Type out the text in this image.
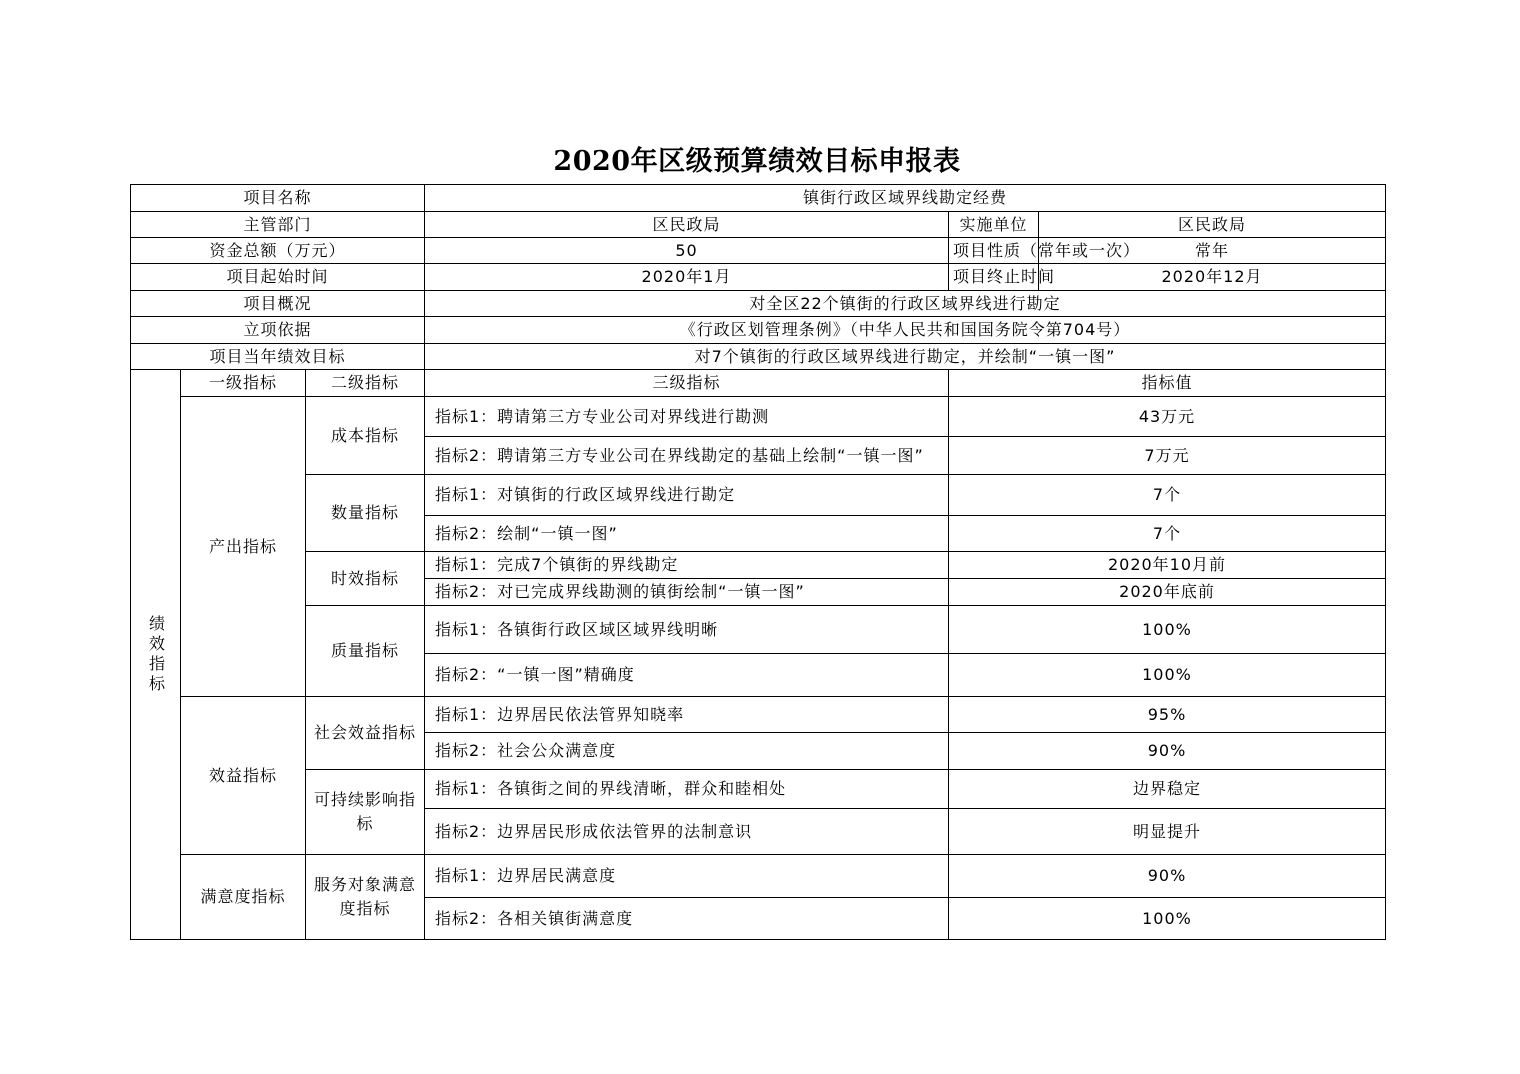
2020年区级预算绩效目标申报表
项目名称			镇街行政区域界线勘定经费		
主管部门			区民政局	实施单位	区民政局
资金总额（万元）			50	项目性质（常年或一次）	常年
项目起始时间			2020年1月	项目终止时间	2020年12月
项目概况			对全区22个镇街的行政区域界线进行勘定		
立项依据			《行政区划管理条例》（中华人民共和国国务院令第704号）		
项目当年绩效目标			对7个镇街的行政区域界线进行勘定，并绘制“一镇一图”		
绩效指标	一级指标	二级指标	三级指标	指标值	
	产出指标	成本指标	指标1：聘请第三方专业公司对界线进行勘测	43万元	
			指标2：聘请第三方专业公司在界线勘定的基础上绘制“一镇一图”	7万元	
		数量指标	指标1：对镇街的行政区域界线进行勘定	7个	
			指标2：绘制“一镇一图”	7个	
		时效指标	指标1：完成7个镇街的界线勘定	2020年10月前	
			指标2：对已完成界线勘测的镇街绘制“一镇一图”	2020年底前	
		质量指标	指标1：各镇街行政区域区域界线明晰	100%	
			指标2：“一镇一图”精确度	100%	
	效益指标	社会效益指标	指标1：边界居民依法管界知晓率	95%	
			指标2：社会公众满意度	90%	
		可持续影响指标	指标1：各镇街之间的界线清晰，群众和睦相处	边界稳定	
			指标2：边界居民形成依法管界的法制意识	明显提升	
	满意度指标	服务对象满意度指标	指标1：边界居民满意度	90%	
			指标2：各相关镇街满意度	100%	
